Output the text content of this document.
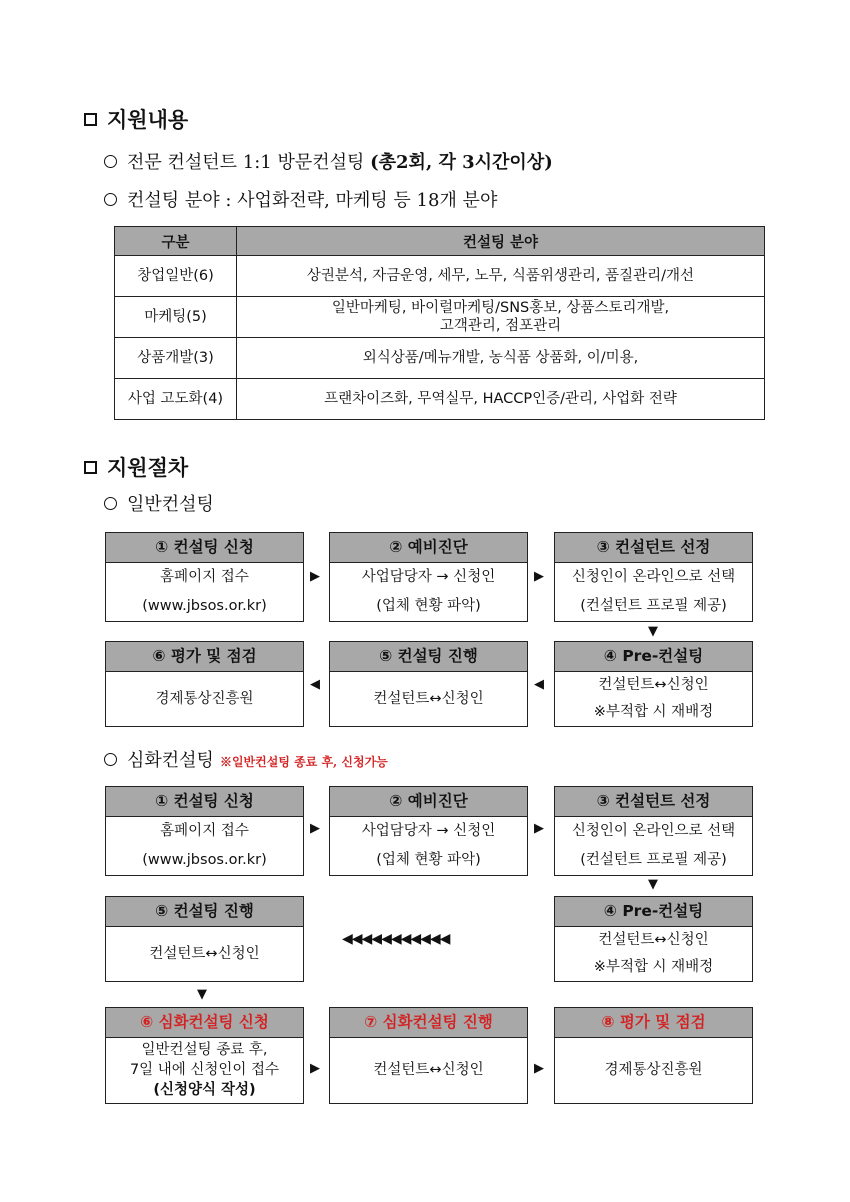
지원내용
전문 컨설턴트 1:1 방문컨설팅 (총2회, 각 3시간이상)
컨설팅 분야 : 사업화전략, 마케팅 등 18개 분야
구분	컨설팅 분야
창업일반(6)	상권분석, 자금운영, 세무, 노무, 식품위생관리, 품질관리/개선
마케팅(5)	일반마케팅, 바이럴마케팅/SNS홍보, 상품스토리개발,
고객관리, 점포관리

상품개발(3)	외식상품/메뉴개발, 농식품 상품화, 이/미용,
사업 고도화(4)	프랜차이즈화, 무역실무, HACCP인증/관리, 사업화 전략
지원절차
일반컨설팅
① 컨설팅 신청
홈페이지 접수
(www.jbsos.or.kr)
▶
② 예비진단
사업담당자 → 신청인
(업체 현황 파악)
▶
③ 컨설턴트 선정
신청인이 온라인으로 선택
(컨설턴트 프로필 제공)
▼
⑥ 평가 및 점검
경제통상진흥원
◀
⑤ 컨설팅 진행
컨설턴트↔신청인
◀
④ Pre-컨설팅
컨설턴트↔신청인
※부적합 시 재배정
심화컨설팅 ※일반컨설팅 종료 후, 신청가능
① 컨설팅 신청
홈페이지 접수
(www.jbsos.or.kr)
▶
② 예비진단
사업담당자 → 신청인
(업체 현황 파악)
▶
③ 컨설턴트 선정
신청인이 온라인으로 선택
(컨설턴트 프로필 제공)
▼
⑤ 컨설팅 진행
컨설턴트↔신청인
◀◀◀◀◀◀◀◀◀◀◀
④ Pre-컨설팅
컨설턴트↔신청인
※부적합 시 재배정
▼
⑥ 심화컨설팅 신청
일반컨설팅 종료 후,
7일 내에 신청인이 접수
(신청양식 작성)
▶
⑦ 심화컨설팅 진행
컨설턴트↔신청인	▶
⑧ 평가 및 점검
경제통상진흥원
